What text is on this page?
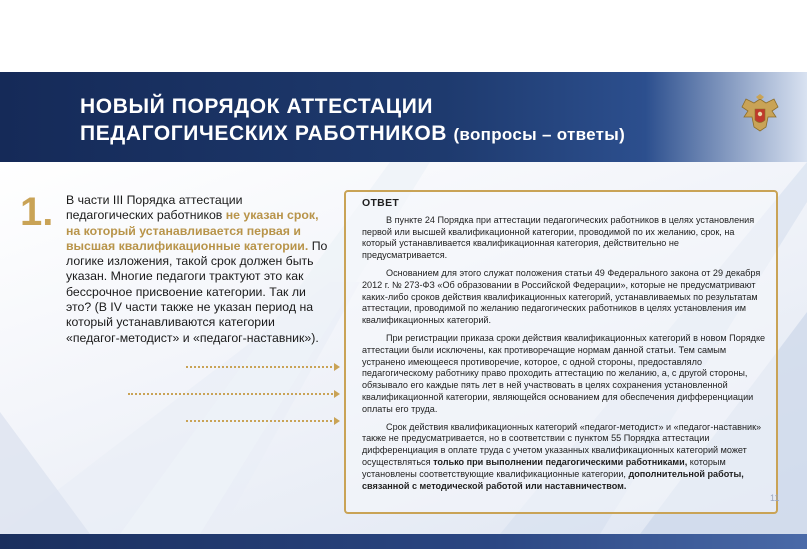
НОВЫЙ ПОРЯДОК АТТЕСТАЦИИ
ПЕДАГОГИЧЕСКИХ РАБОТНИКОВ (вопросы – ответы)
1. В части III Порядка аттестации педагогических работников не указан срок, на который устанавливается первая и высшая квалификационные категории. По логике изложения, такой срок должен быть указан. Многие педагоги трактуют это как бессрочное присвоение категории. Так ли это? (В IV части также не указан период на который устанавливаются категории «педагог-методист» и «педагог-наставник»).
ОТВЕТ

В пункте 24 Порядка при аттестации педагогических работников в целях установления первой или высшей квалификационной категории, проводимой по их желанию, срок, на который устанавливается квалификационная категория, действительно не предусматривается.

Основанием для этого служат положения статьи 49 Федерального закона от 29 декабря 2012 г. № 273-ФЗ «Об образовании в Российской Федерации», которые не предусматривают каких-либо сроков действия квалификационных категорий, устанавливаемых по результатам аттестации, проводимой по желанию педагогических работников в целях установления им квалификационных категорий.

При регистрации приказа сроки действия квалификационных категорий в новом Порядке аттестации были исключены, как противоречащие нормам данной статьи. Тем самым устранено имеющееся противоречие, которое, с одной стороны, предоставляло педагогическому работнику право проходить аттестацию по желанию, а, с другой стороны, обязывало его каждые пять лет в ней участвовать в целях сохранения установленной квалификационной категории, являющейся основанием для обеспечения дифференциации оплаты его труда.

Срок действия квалификационных категорий «педагог-методист» и «педагог-наставник» также не предусматривается, но в соответствии с пунктом 55 Порядка аттестации дифференциация в оплате труда с учетом указанных квалификационных категорий может осуществляться только при выполнении педагогическими работниками, которым установлены соответствующие квалификационные категории, дополнительной работы, связанной с методической работой или наставничеством.

11
